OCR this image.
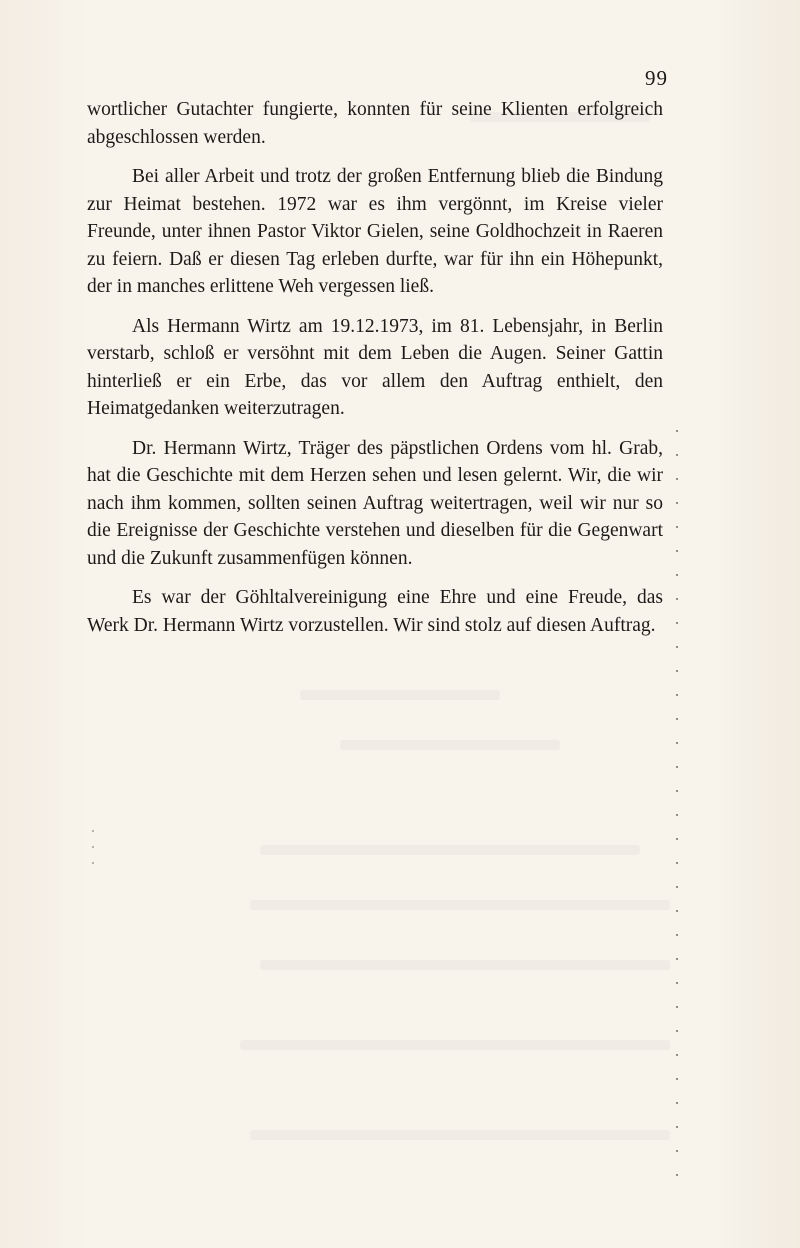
99

wortlicher Gutachter fungierte, konnten für seine Klienten erfolgreich abgeschlossen werden.

Bei aller Arbeit und trotz der großen Entfernung blieb die Bindung zur Heimat bestehen. 1972 war es ihm vergönnt, im Kreise vieler Freunde, unter ihnen Pastor Viktor Gielen, seine Goldhochzeit in Raeren zu feiern. Daß er diesen Tag erleben durfte, war für ihn ein Höhepunkt, der in manches erlittene Weh vergessen ließ.

Als Hermann Wirtz am 19.12.1973, im 81. Lebensjahr, in Berlin verstarb, schloß er versöhnt mit dem Leben die Augen. Seiner Gattin hinterließ er ein Erbe, das vor allem den Auftrag enthielt, den Heimatgedanken weiterzutragen.

Dr. Hermann Wirtz, Träger des päpstlichen Ordens vom hl. Grab, hat die Geschichte mit dem Herzen sehen und lesen gelernt. Wir, die wir nach ihm kommen, sollten seinen Auftrag weitertragen, weil wir nur so die Ereignisse der Geschichte verstehen und dieselben für die Gegenwart und die Zukunft zusammenfügen können.

Es war der Göhltalvereinigung eine Ehre und eine Freude, das Werk Dr. Hermann Wirtz vorzustellen. Wir sind stolz auf diesen Auftrag.
